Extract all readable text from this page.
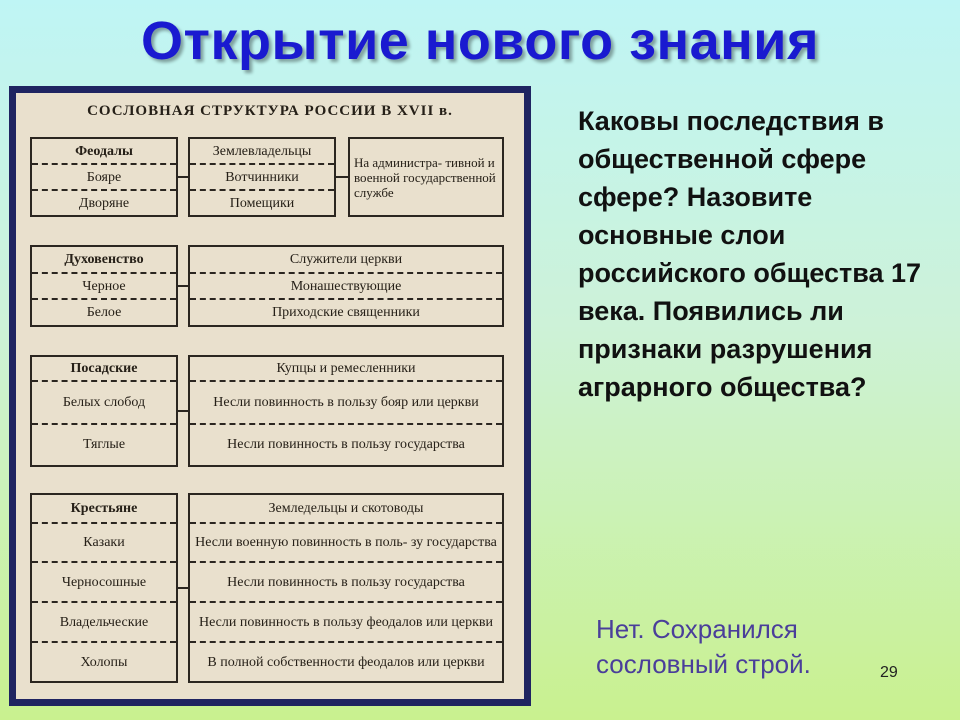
Открытие нового знания
СОСЛОВНАЯ СТРУКТУРА РОССИИ В XVII в.
Феодалы
Бояре
Дворяне
Землевладельцы
Вотчинники
Помещики
На администра- тивной и военной государственной службе
Духовенство
Черное
Белое
Служители церкви
Монашествующие
Приходские священники
Посадские
Белых слобод
Тяглые
Купцы и ремесленники
Несли повинность в пользу бояр или церкви
Несли повинность в пользу государства
Крестьяне
Казаки
Черносошные
Владельческие
Холопы
Земледельцы и скотоводы
Несли военную повинность в поль- зу государства
Несли повинность в пользу государства
Несли повинность в пользу феодалов или церкви
В полной собственности феодалов или церкви
Каковы последствия в общественной сфере сфере? Назовите основные слои российского общества 17 века. Появились ли признаки разрушения аграрного общества?
Нет. Сохранился сословный строй.	29
